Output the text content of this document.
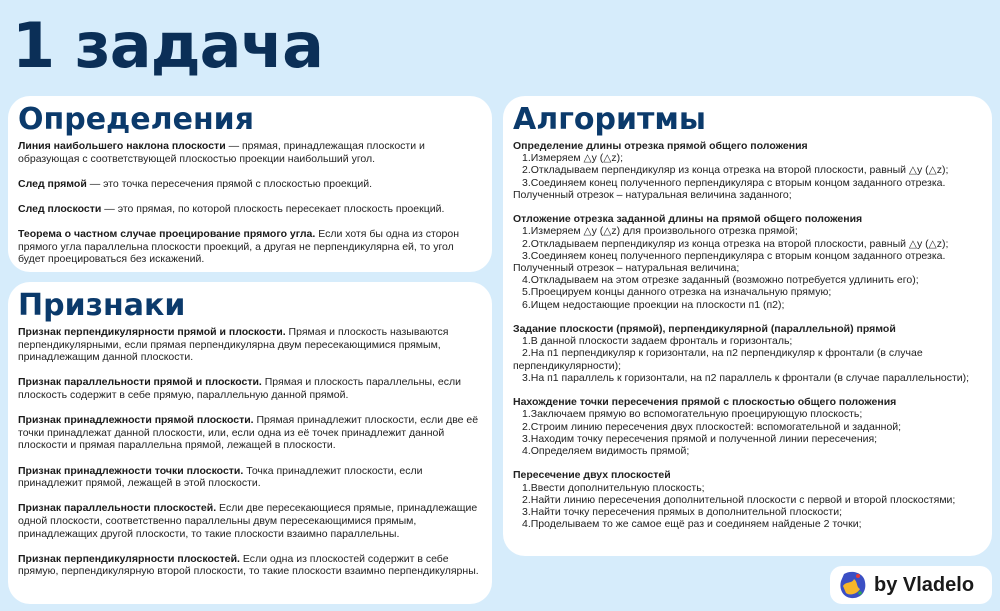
1 задача
Определения
Линия наибольшего наклона плоскости — прямая, принадлежащая плоскости и образующая с соответствующей плоскостью проекции наибольший угол.
След прямой — это точка пересечения прямой с плоскостью проекций.
След плоскости — это прямая, по которой плоскость пересекает плоскость проекций.
Теорема о частном случае проецирование прямого угла. Если хотя бы одна из сторон прямого угла параллельна плоскости проекций, а другая не перпендикулярна ей, то угол будет проецироваться без искажений.
Признаки
Признак перпендикулярности прямой и плоскости. Прямая и плоскость называются перпендикулярными, если прямая перпендикулярна двум пересекающимися прямым, принадлежащим данной плоскости.
Признак параллельности прямой и плоскости. Прямая и плоскость параллельны, если плоскость содержит в себе прямую, параллельную данной прямой.
Признак принадлежности прямой плоскости. Прямая принадлежит плоскости, если две её точки принадлежат данной плоскости, или, если одна из её точек принадлежит данной плоскости и прямая параллельна прямой, лежащей в плоскости.
Признак принадлежности точки плоскости. Точка принадлежит плоскости, если принадлежит прямой, лежащей в этой плоскости.
Признак параллельности плоскостей. Если две пересекающиеся прямые, принадлежащие одной плоскости, соответственно параллельны двум пересекающимися прямым, принадлежащих другой плоскости, то такие плоскости взаимно параллельны.
Признак перпендикулярности плоскостей. Если одна из плоскостей содержит в себе прямую, перпендикулярную второй плоскости, то такие плоскости взаимно перпендикулярны.
Алгоритмы
Определение длины отрезка прямой общего положения
1.Измеряем △y (△z);
2.Откладываем перпендикуляр из конца отрезка на второй плоскости, равный △y (△z);
3.Соединяем конец полученного перпендикуляра с вторым концом заданного отрезка.
Полученный отрезок – натуральная величина заданного;
Отложение отрезка заданной длины на прямой общего положения
1.Измеряем △y (△z) для произвольного отрезка прямой;
2.Откладываем перпендикуляр из конца отрезка на второй плоскости, равный △y (△z);
3.Соединяем конец полученного перпендикуляра с вторым концом заданного отрезка.
Полученный отрезок – натуральная величина;
4.Откладываем на этом отрезке заданный (возможно потребуется удлинить его);
5.Проецируем концы данного отрезка на изначальную прямую;
6.Ищем недостающие проекции на плоскости п1 (п2);
Задание плоскости (прямой), перпендикулярной (параллельной) прямой
1.В данной плоскости задаем фронталь и горизонталь;
2.На п1 перпендикуляр к горизонтали, на п2 перпендикуляр к фронтали (в случае
перпендикулярности);
3.На п1 параллель к горизонтали, на п2 параллель к фронтали (в случае параллельности);
Нахождение точки пересечения прямой с плоскостью общего положения
1.Заключаем прямую во вспомогательную проецирующую плоскость;
2.Строим линию пересечения двух плоскостей: вспомогательной и заданной;
3.Находим точку пересечения прямой и полученной линии пересечения;
4.Определяем видимость прямой;
Пересечение двух плоскостей
1.Ввести дополнительную плоскость;
2.Найти линию пересечения дополнительной плоскости с первой и второй плоскостями;
3.Найти точку пересечения прямых в дополнительной плоскости;
4.Проделываем то же самое ещё раз и соединяем найденые 2 точки;
by Vladelo
